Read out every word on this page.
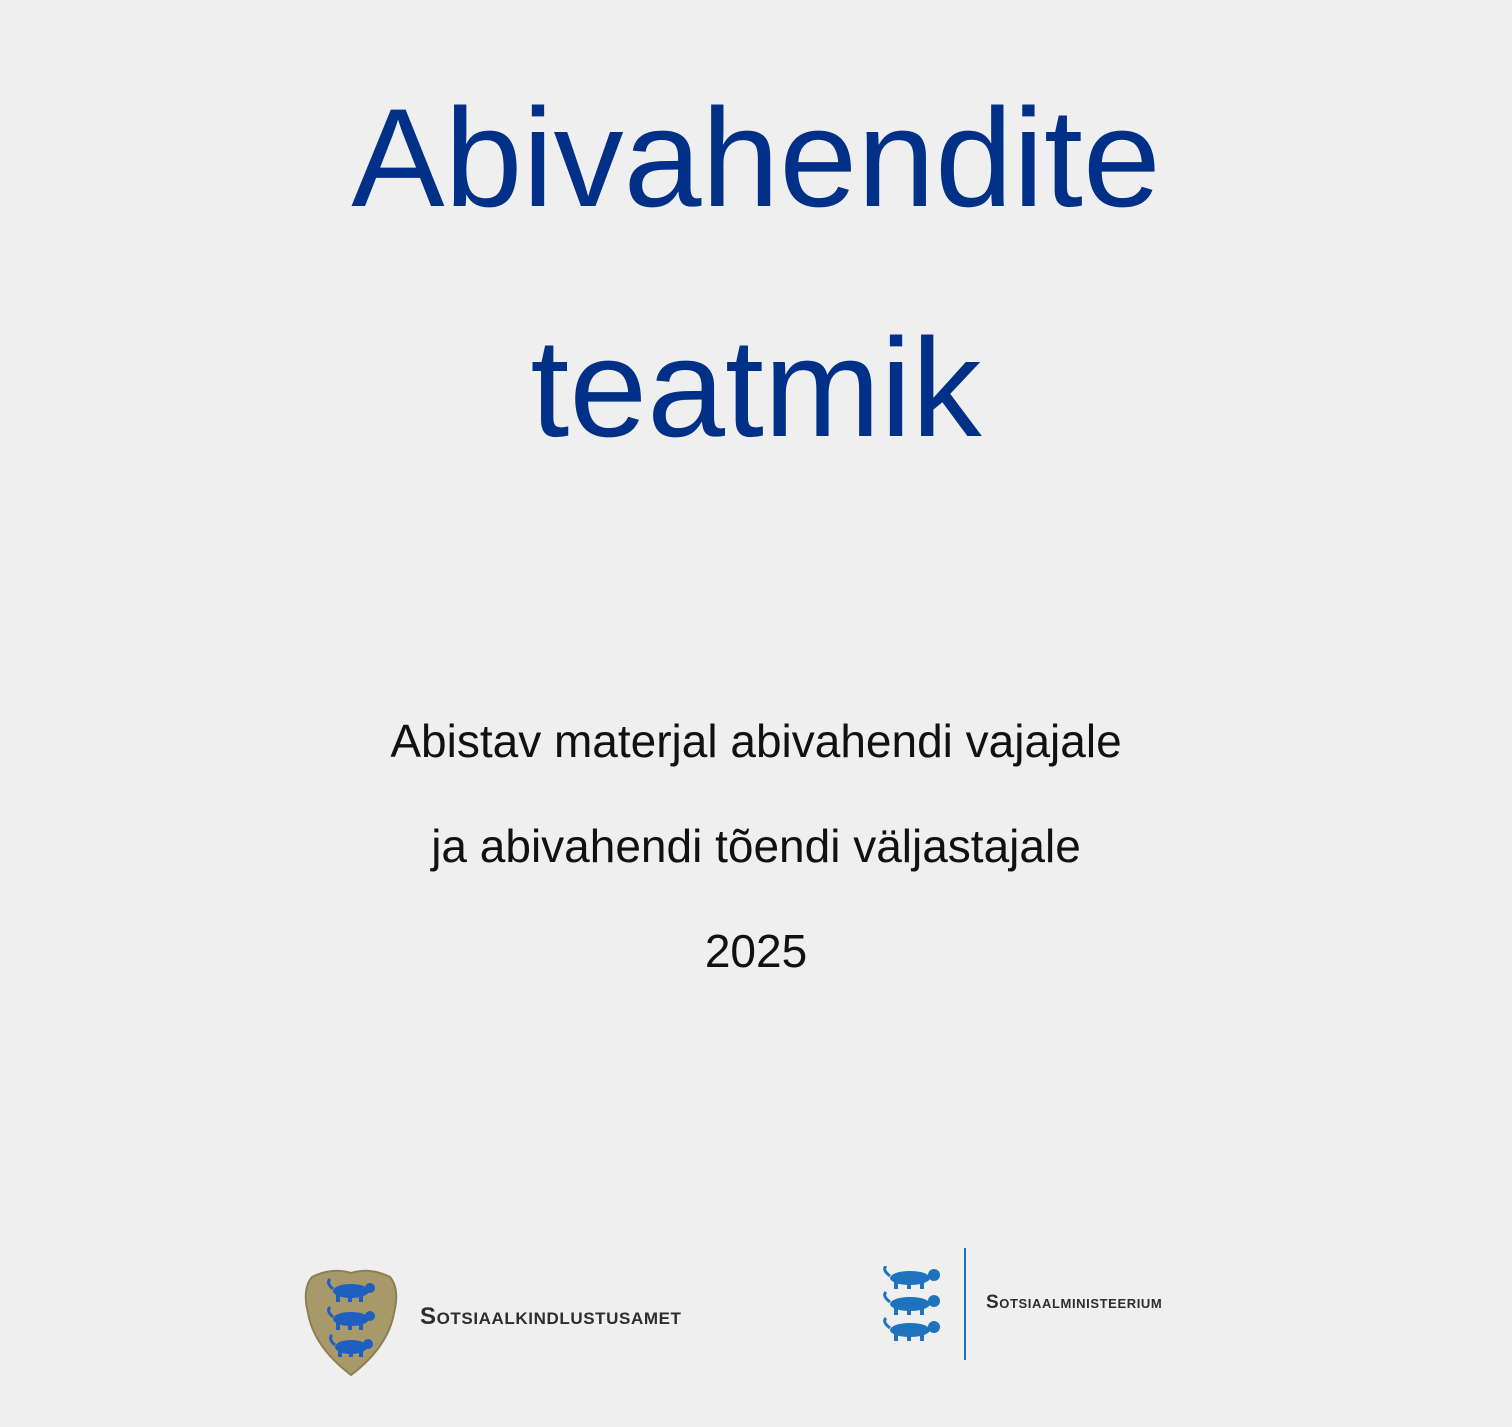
Abivahendite
teatmik
Abistav materjal abivahendi vajajale
ja abivahendi tõendi väljastajale
2025
Sotsiaalkindlustusamet
Sotsiaalministeerium
